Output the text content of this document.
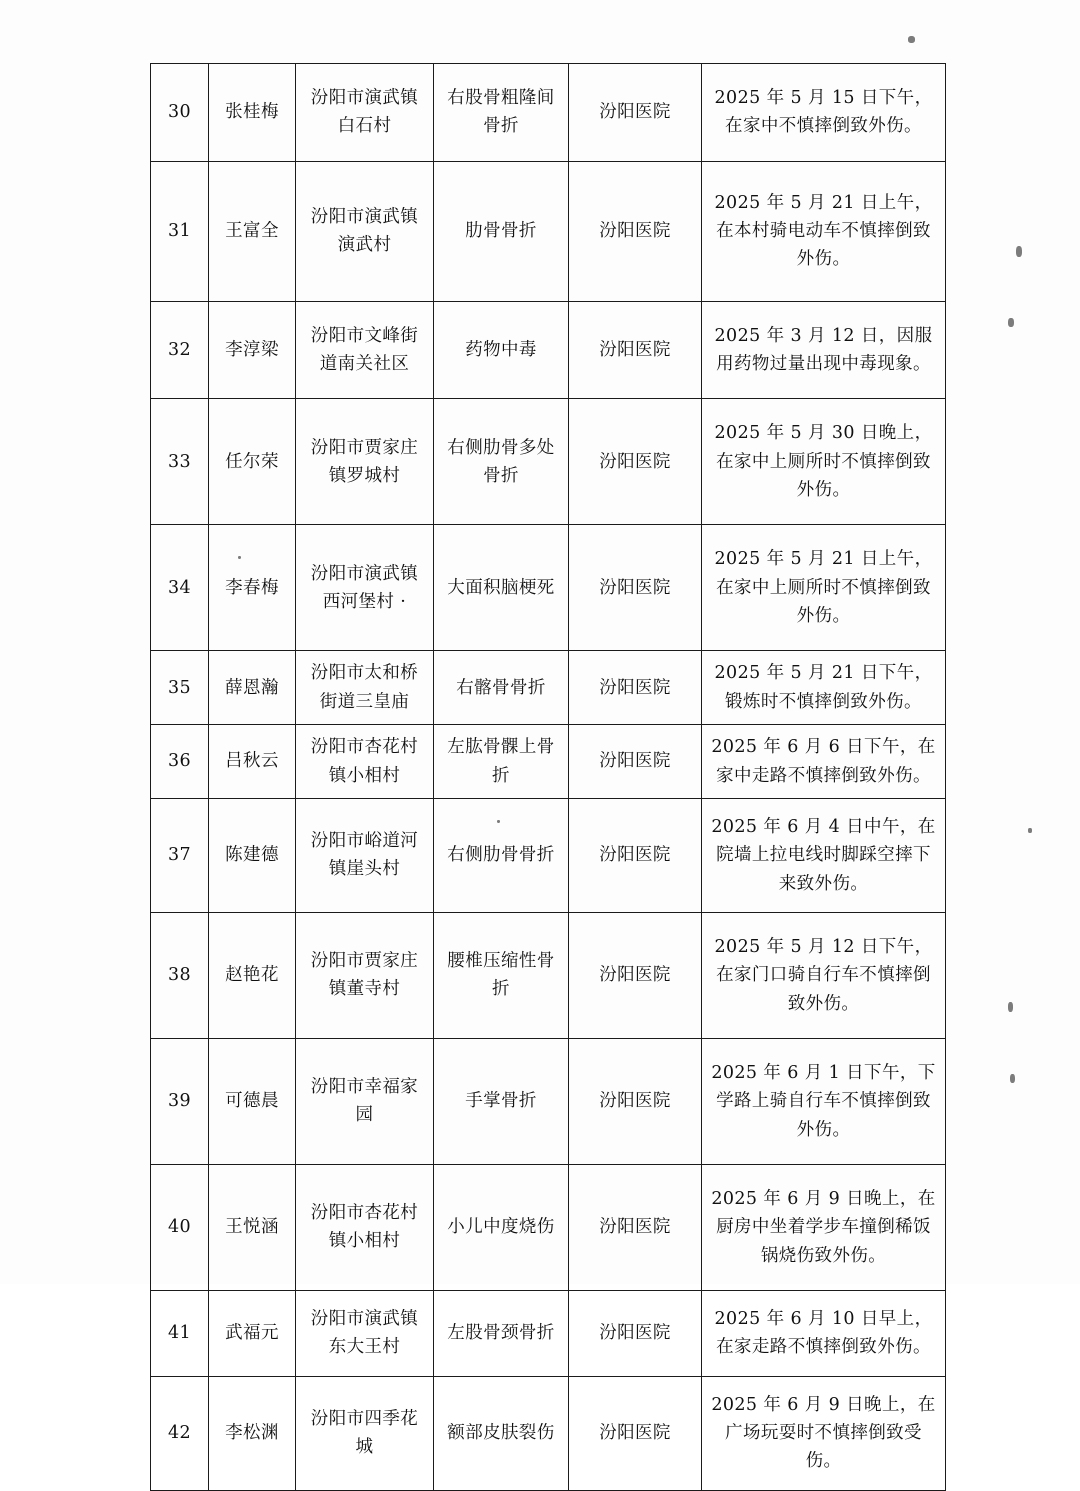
30	张桂梅	汾阳市演武镇白石村	右股骨粗隆间骨折	汾阳医院	2025 年 5 月 15 日下午，在家中不慎摔倒致外伤。
31	王富全	汾阳市演武镇演武村	肋骨骨折	汾阳医院	2025 年 5 月 21 日上午，在本村骑电动车不慎摔倒致外伤。
32	李淳梁	汾阳市文峰街道南关社区	药物中毒	汾阳医院	2025 年 3 月 12 日，因服用药物过量出现中毒现象。
33	任尔荣	汾阳市贾家庄镇罗城村	右侧肋骨多处骨折	汾阳医院	2025 年 5 月 30 日晚上，在家中上厕所时不慎摔倒致外伤。
34	李春梅	汾阳市演武镇西河堡村 ·	大面积脑梗死	汾阳医院	2025 年 5 月 21 日上午，在家中上厕所时不慎摔倒致外伤。
35	薛恩瀚	汾阳市太和桥街道三皇庙	右髂骨骨折	汾阳医院	2025 年 5 月 21 日下午，锻炼时不慎摔倒致外伤。
36	吕秋云	汾阳市杏花村镇小相村	左肱骨髁上骨折	汾阳医院	2025 年 6 月 6 日下午，在家中走路不慎摔倒致外伤。
37	陈建德	汾阳市峪道河镇崖头村	右侧肋骨骨折	汾阳医院	2025 年 6 月 4 日中午，在院墙上拉电线时脚踩空摔下来致外伤。
38	赵艳花	汾阳市贾家庄镇董寺村	腰椎压缩性骨折	汾阳医院	2025 年 5 月 12 日下午，在家门口骑自行车不慎摔倒致外伤。
39	可德晨	汾阳市幸福家园	手掌骨折	汾阳医院	2025 年 6 月 1 日下午，下学路上骑自行车不慎摔倒致外伤。
40	王悦涵	汾阳市杏花村镇小相村	小儿中度烧伤	汾阳医院	2025 年 6 月 9 日晚上，在厨房中坐着学步车撞倒稀饭锅烧伤致外伤。
41	武福元	汾阳市演武镇东大王村	左股骨颈骨折	汾阳医院	2025 年 6 月 10 日早上，在家走路不慎摔倒致外伤。
42	李松渊	汾阳市四季花城	额部皮肤裂伤	汾阳医院	2025 年 6 月 9 日晚上，在广场玩耍时不慎摔倒致受伤。
